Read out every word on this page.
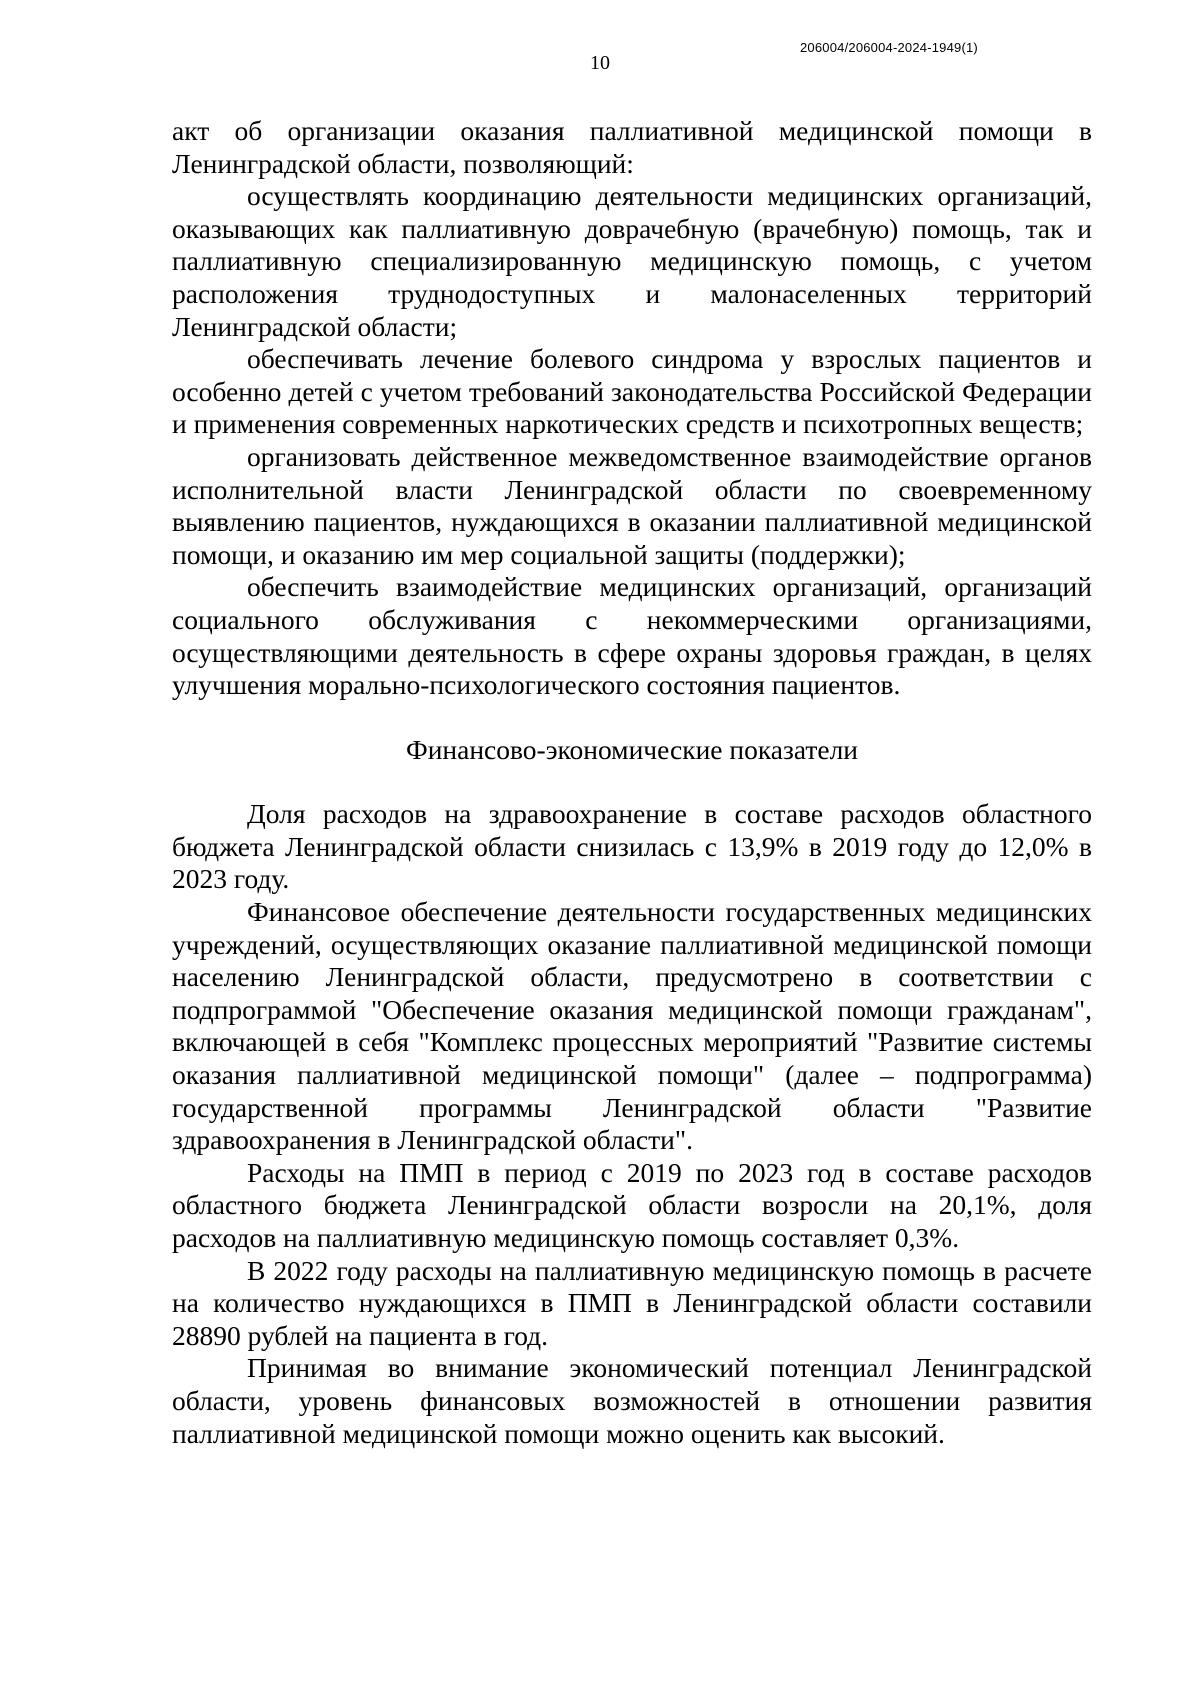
206004/206004-2024-1949(1)
10

акт об организации оказания паллиативной медицинской помощи в Ленинградской области, позволяющий:

осуществлять координацию деятельности медицинских организаций, оказывающих как паллиативную доврачебную (врачебную) помощь, так и паллиативную специализированную медицинскую помощь, с учетом расположения труднодоступных и малонаселенных территорий Ленинградской области;

обеспечивать лечение болевого синдрома у взрослых пациентов и особенно детей с учетом требований законодательства Российской Федерации и применения современных наркотических средств и психотропных веществ;

организовать действенное межведомственное взаимодействие органов исполнительной власти Ленинградской области по своевременному выявлению пациентов, нуждающихся в оказании паллиативной медицинской помощи, и оказанию им мер социальной защиты (поддержки);

обеспечить взаимодействие медицинских организаций, организаций социального обслуживания с некоммерческими организациями, осуществляющими деятельность в сфере охраны здоровья граждан, в целях улучшения морально-психологического состояния пациентов.

Финансово-экономические показатели

Доля расходов на здравоохранение в составе расходов областного бюджета Ленинградской области снизилась с 13,9% в 2019 году до 12,0% в 2023 году.

Финансовое обеспечение деятельности государственных медицинских учреждений, осуществляющих оказание паллиативной медицинской помощи населению Ленинградской области, предусмотрено в соответствии с подпрограммой "Обеспечение оказания медицинской помощи гражданам", включающей в себя "Комплекс процессных мероприятий "Развитие системы оказания паллиативной медицинской помощи" (далее – подпрограмма) государственной программы Ленинградской области "Развитие здравоохранения в Ленинградской области".

Расходы на ПМП в период с 2019 по 2023 год в составе расходов областного бюджета Ленинградской области возросли на 20,1%, доля расходов на паллиативную медицинскую помощь составляет 0,3%.

В 2022 году расходы на паллиативную медицинскую помощь в расчете на количество нуждающихся в ПМП в Ленинградской области составили 28890 рублей на пациента в год.

Принимая во внимание экономический потенциал Ленинградской области, уровень финансовых возможностей в отношении развития паллиативной медицинской помощи можно оценить как высокий.
